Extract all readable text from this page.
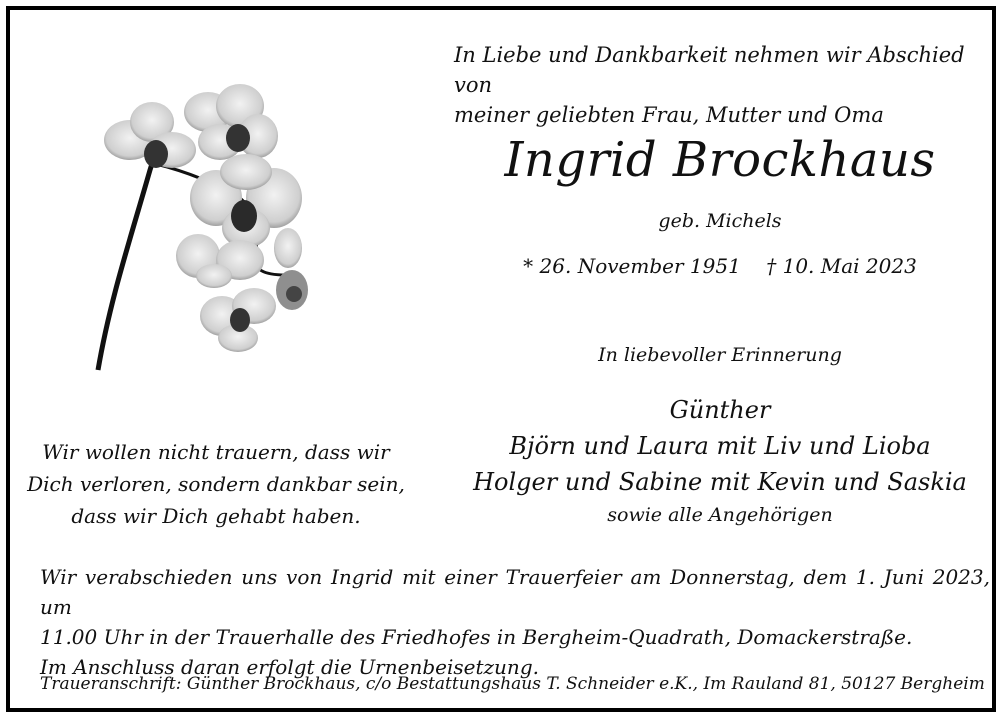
In Liebe und Dankbarkeit nehmen wir Abschied von
meiner geliebten Frau, Mutter und Oma
Ingrid Brockhaus
geb. Michels
* 26. November 1951 † 10. Mai 2023
In liebevoller Erinnerung
Günther
Björn und Laura mit Liv und Lioba
Holger und Sabine mit Kevin und Saskia
sowie alle Angehörigen
Wir wollen nicht trauern, dass wir
Dich verloren, sondern dankbar sein,
dass wir Dich gehabt haben.
Wir verabschieden uns von Ingrid mit einer Trauerfeier am Donnerstag, dem 1. Juni 2023, um
11.00 Uhr in der Trauerhalle des Friedhofes in Bergheim-Quadrath, Domackerstraße.
Im Anschluss daran erfolgt die Urnenbeisetzung.
Traueranschrift: Günther Brockhaus, c/o Bestattungshaus T. Schneider e.K., Im Rauland 81, 50127 Bergheim
